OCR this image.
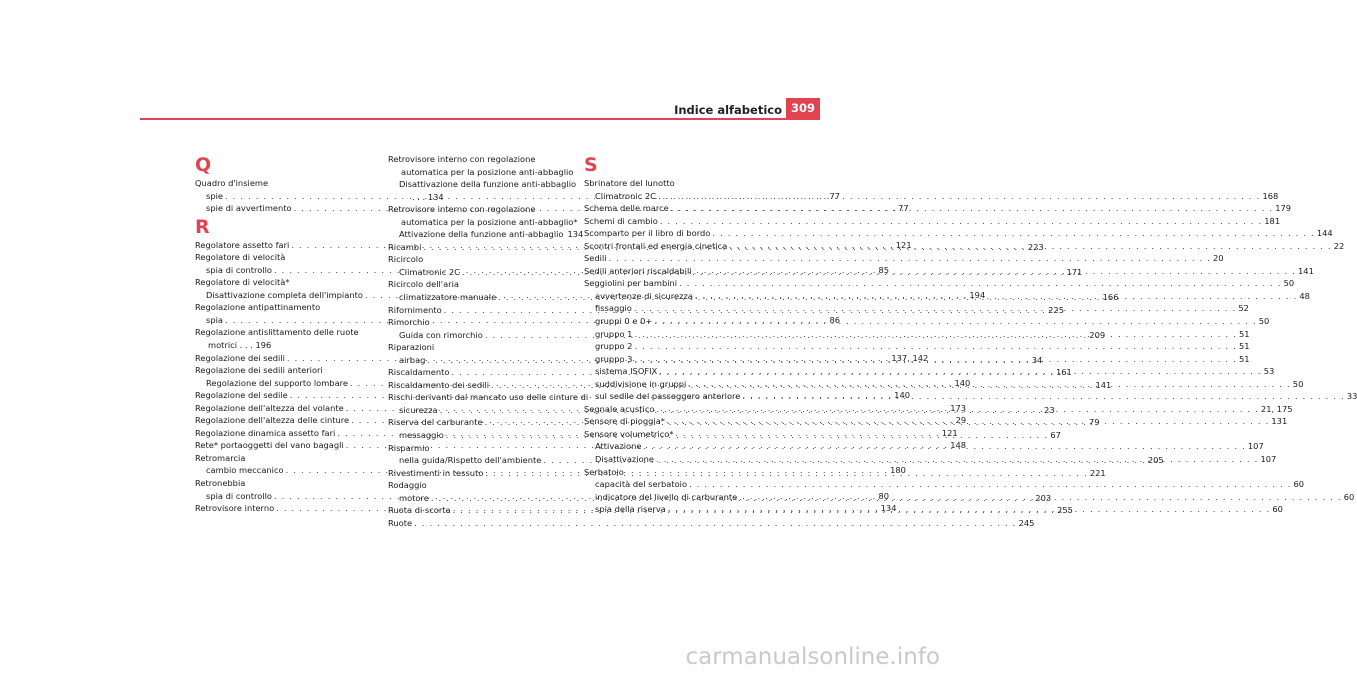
Indice alfabetico 309
Q
Quadro d'insieme
spie . . .	77
spie di avvertimento . . .	77
R
Regolatore assetto fari . . .	121
Regolatore di velocità
spia di controllo . . .	85
Regolatore di velocità*
Disattivazione completa dell'impianto . . .	194
Regolazione antipattinamento
spia . . .	86
Regolazione antislittamento delle ruote motrici . . . 196
Regolazione dei sedili . . .	137, 142
Regolazione dei sedili anteriori
Regolazione del supporto lombare . . .	140
Regolazione del sedile . . .	140
Regolazione dell'altezza del volante . . .	173
Regolazione dell'altezza delle cinture . . .	29
Regolazione dinamica assetto fari . . .	121
Rete* portaoggetti del vano bagagli . . .	148
Retromarcia
cambio meccanico . . .	180
Retronebbia
spia di controllo . . .	80
Retrovisore interno . . .	134
Retrovisore interno con regolazione automatica per la posizione anti-abbaglio
Disattivazione della funzione anti-abbaglio . . . 134
Retrovisore interno con regolazione automatica per la posizione anti-abbaglio*
Attivazione della funzione anti-abbaglio 134
Ricambi . . .	223
Ricircolo
Climatronic 2C . . .	171
Ricircolo dell'aria
climatizzatore manuale . . .	166
Rifornimento . . .	225
Rimorchio
Guida con rimorchio . . .	209
Riparazioni
airbag . . .	34
Riscaldamento . . .	161
Riscaldamento dei sedili . . .	141
Rischi derivanti dal mancato uso delle cinture di
sicurezza . . .	23
Riserva del carburante . . .	79
messaggio . . .	67
Risparmio
nella guida/Rispetto dell'ambiente . . .	205
Rivestimenti in tessuto . . .	221
Rodaggio
motore . . .	203
Ruota di scorta . . .	255
Ruote . . .	245
S
Sbrinatore del lunotto
Climatronic 2C . . .	168
Schema delle marce . . .	179
Schemi di cambio . . .	181
Scomparto per il libro di bordo . . .	144
Scontri frontali ed energia cinetica . . .	22
Sedili . . .	20
Sedili anteriori riscaldabili . . .	141
Seggiolini per bambini . . .	50
avvertenze di sicurezza . . .	48
fissaggio . . .	52
gruppi 0 e 0+ . . .	50
gruppo 1 . . .	51
gruppo 2 . . .	51
gruppo 3 . . .	51
sistema ISOFIX . . .	53
suddivisione in gruppi . . .	50
sul sedile del passeggero anteriore . . .	33
Segnale acustico . . .	21, 175
Sensore di pioggia* . . .	131
Sensore volumetrico*
Attivazione . . .	107
Disattivazione . . .	107
Serbatoio
capacità del serbatoio . . .	60
indicatore del livello di carburante . . .	60
spia della riserva . . .	60
carmanualsonline.info
